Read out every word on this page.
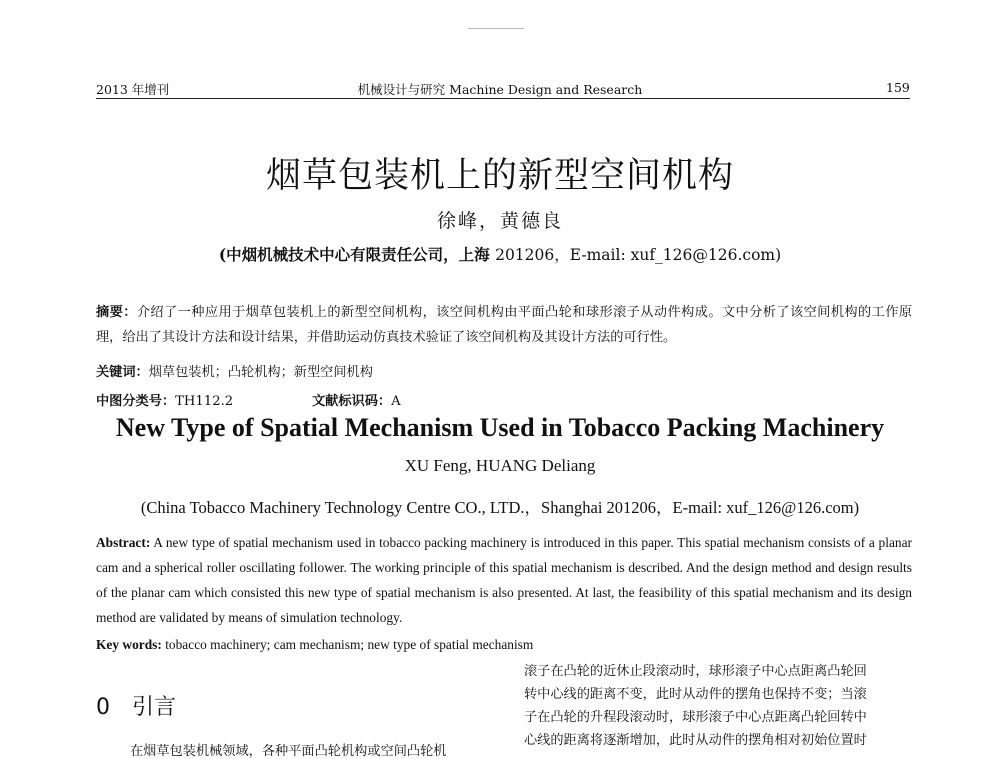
2013 年增刊	机械设计与研究 Machine Design and Research	159
烟草包装机上的新型空间机构
徐峰，黄德良
(中烟机械技术中心有限责任公司，上海 201206，E-mail: xuf_126@126.com)
摘要：介绍了一种应用于烟草包装机上的新型空间机构，该空间机构由平面凸轮和球形滚子从动件构成。文中分析了该空间机构的工作原理，给出了其设计方法和设计结果，并借助运动仿真技术验证了该空间机构及其设计方法的可行性。
关键词：烟草包装机；凸轮机构；新型空间机构
中图分类号：TH112.2	文献标识码：A
New Type of Spatial Mechanism Used in Tobacco Packing Machinery
XU Feng, HUANG Deliang
(China Tobacco Machinery Technology Centre CO., LTD.，Shanghai 201206，E-mail: xuf_126@126.com)
Abstract: A new type of spatial mechanism used in tobacco packing machinery is introduced in this paper. This spatial mechanism consists of a planar cam and a spherical roller oscillating follower. The working principle of this spatial mechanism is described. And the design method and design results of the planar cam which consisted this new type of spatial mechanism is also presented. At last, the feasibility of this spatial mechanism and its design method are validated by means of simulation technology.
Key words: tobacco machinery; cam mechanism; new type of spatial mechanism
0 引言
在烟草包装机械领域，各种平面凸轮机构或空间凸轮机
滚子在凸轮的近休止段滚动时，球形滚子中心点距离凸轮回
转中心线的距离不变，此时从动件的摆角也保持不变；当滚
子在凸轮的升程段滚动时，球形滚子中心点距离凸轮回转中
心线的距离将逐渐增加，此时从动件的摆角相对初始位置时
